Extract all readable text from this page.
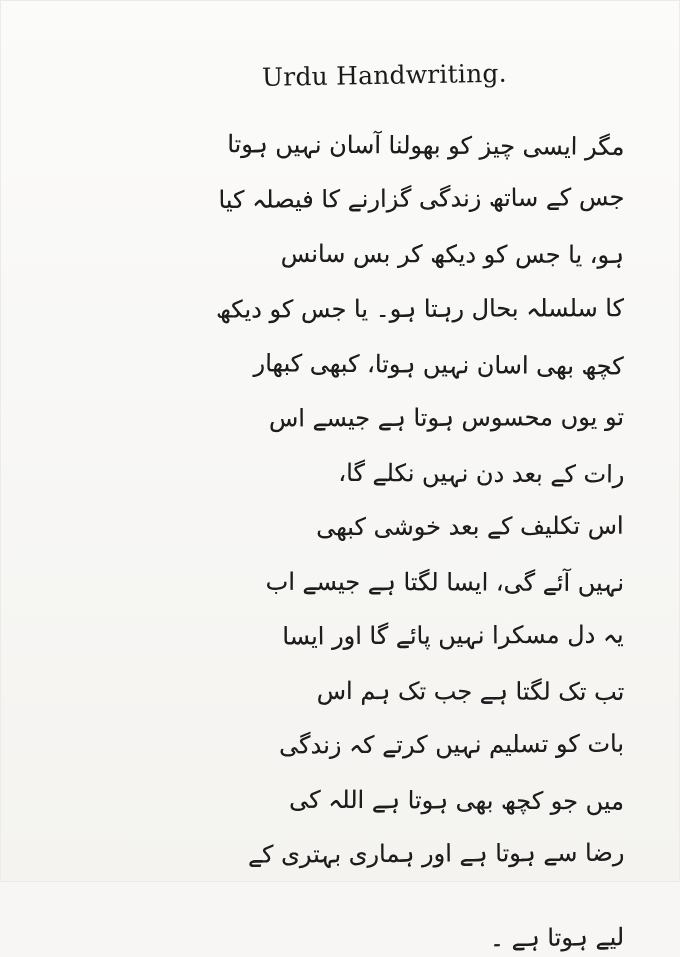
Urdu Handwriting.
مگر ایسی چیز کو بھولنا آسان نہیں ہوتا
جس کے ساتھ زندگی گزارنے کا فیصلہ کیا
ہو، یا جس کو دیکھ کر بس سانس
کا سلسلہ بحال رہتا ہو۔ یا جس کو دیکھ
کچھ بھی اسان نہیں ہوتا، کبھی کبھار
تو یوں محسوس ہوتا ہے جیسے اس
رات کے بعد دن نہیں نکلے گا،
اس تکلیف کے بعد خوشی کبھی
نہیں آئے گی، ایسا لگتا ہے جیسے اب
یہ دل مسکرا نہیں پائے گا اور ایسا
تب تک لگتا ہے جب تک ہم اس
بات کو تسلیم نہیں کرتے کہ زندگی
میں جو کچھ بھی ہوتا ہے اللہ کی
رضا سے ہوتا ہے اور ہماری بہتری کے
لیے ہوتا ہے ۔
